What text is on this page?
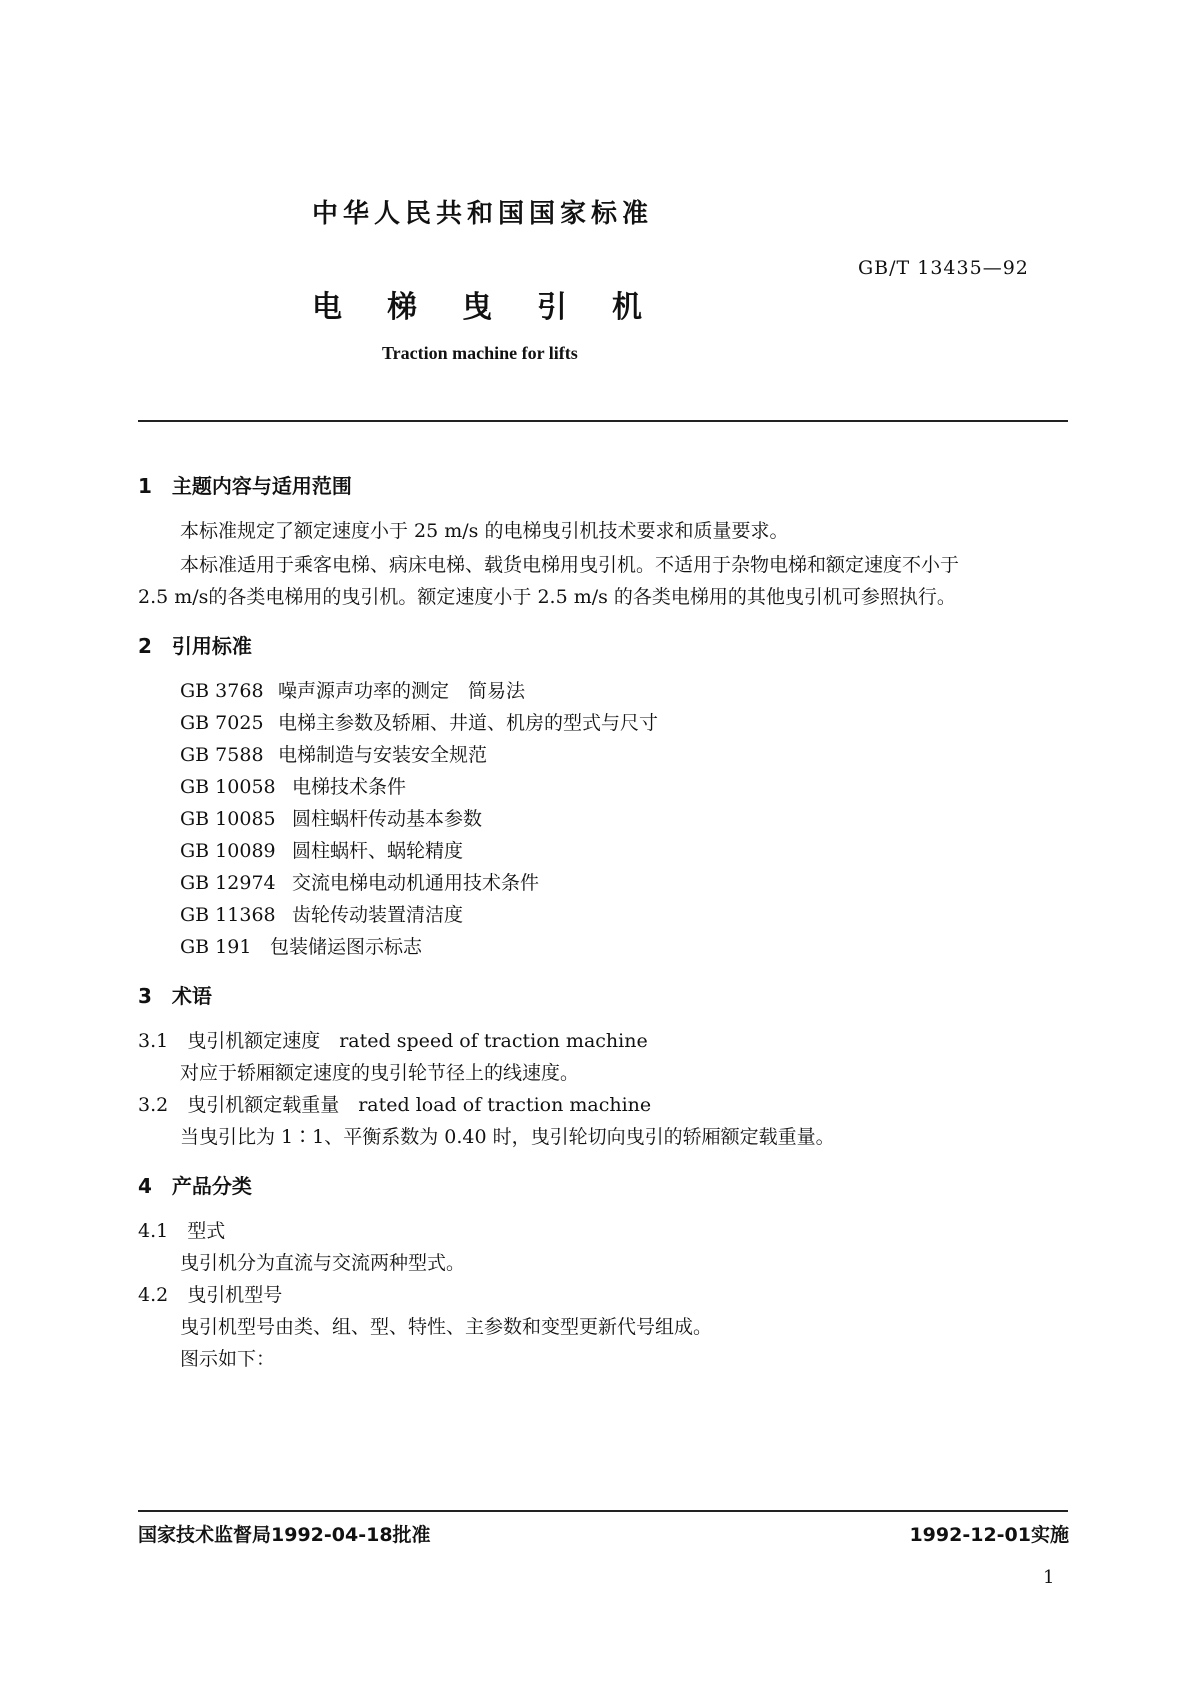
中华人民共和国国家标准
GB/T 13435—92
电梯曳引机
Traction machine for lifts
1　主题内容与适用范围
本标准规定了额定速度小于 25 m/s 的电梯曳引机技术要求和质量要求。
本标准适用于乘客电梯、病床电梯、载货电梯用曳引机。不适用于杂物电梯和额定速度不小于
2.5 m/s的各类电梯用的曳引机。额定速度小于 2.5 m/s 的各类电梯用的其他曳引机可参照执行。
2　引用标准
GB 3768 噪声源声功率的测定　简易法
GB 7025 电梯主参数及轿厢、井道、机房的型式与尺寸
GB 7588 电梯制造与安装安全规范
GB 10058 电梯技术条件
GB 10085 圆柱蜗杆传动基本参数
GB 10089 圆柱蜗杆、蜗轮精度
GB 12974 交流电梯电动机通用技术条件
GB 11368 齿轮传动装置清洁度
GB 191 包装储运图示标志
3　术语
3.1　曳引机额定速度　rated speed of traction machine
对应于轿厢额定速度的曳引轮节径上的线速度。
3.2　曳引机额定载重量　rated load of traction machine
当曳引比为 1∶1、平衡系数为 0.40 时，曳引轮切向曳引的轿厢额定载重量。
4　产品分类
4.1　型式
曳引机分为直流与交流两种型式。
4.2　曳引机型号
曳引机型号由类、组、型、特性、主参数和变型更新代号组成。
图示如下：
国家技术监督局1992-04-18批准	1992-12-01实施
1
